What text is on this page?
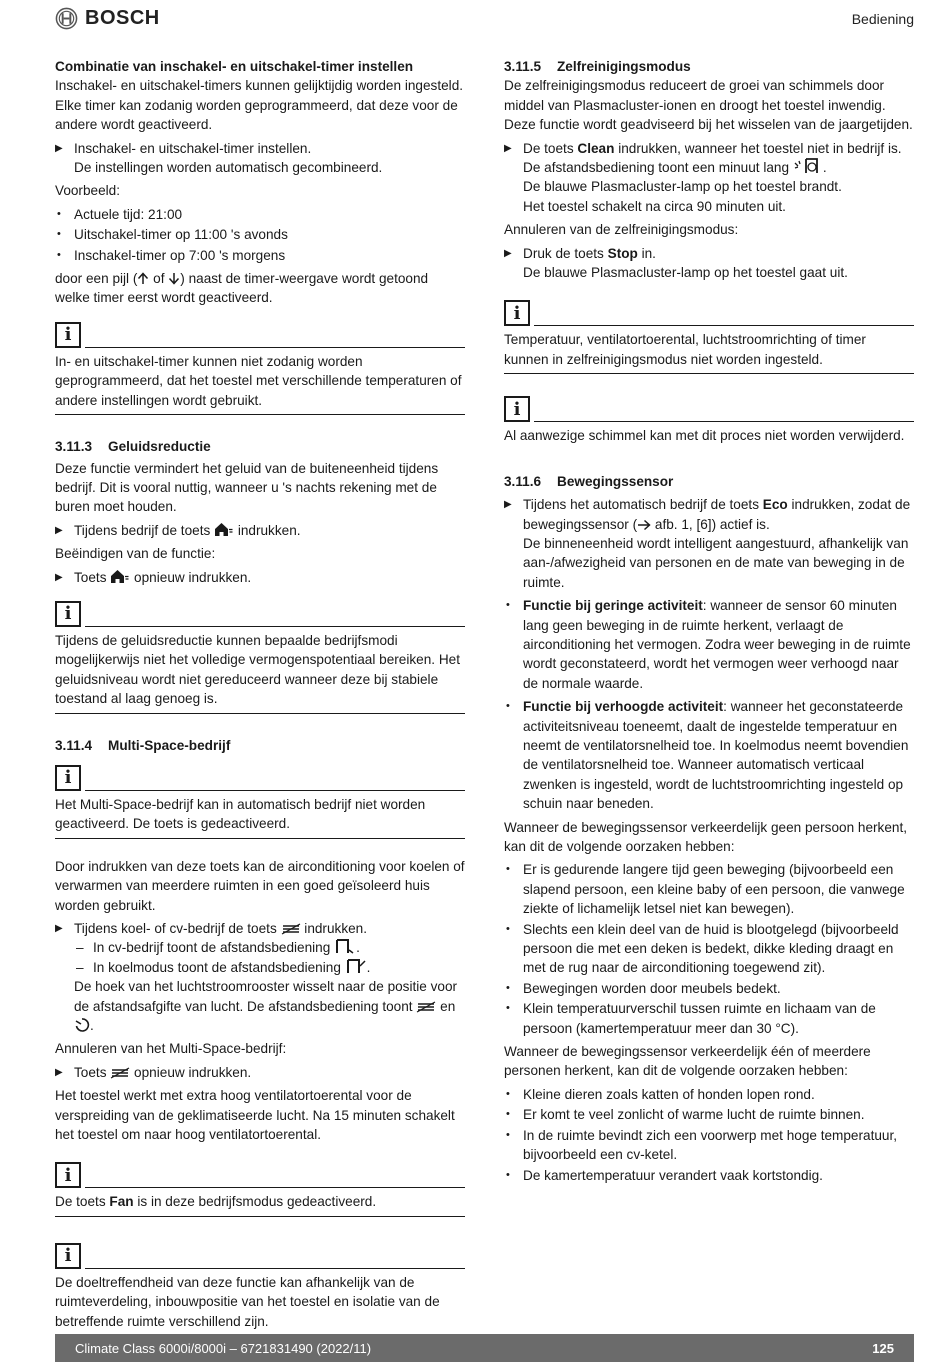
BOSCH	Bediening

Combinatie van inschakel- en uitschakel-timer instellen

Inschakel- en uitschakel-timers kunnen gelijktijdig worden ingesteld. Elke timer kan zodanig worden geprogrammeerd, dat deze voor de andere wordt geactiveerd.

▶ Inschakel- en uitschakel-timer instellen.
De instellingen worden automatisch gecombineerd.

Voorbeeld:

• Actuele tijd: 21:00
• Uitschakel-timer op 11:00 's avonds
• Inschakel-timer op 7:00 's morgens

door een pijl ( of ) naast de timer-weergave wordt getoond welke timer eerst wordt geactiveerd.

i
In- en uitschakel-timer kunnen niet zodanig worden geprogrammeerd, dat het toestel met verschillende temperaturen of andere instellingen wordt gebruikt.

3.11.3 Geluidsreductie

Deze functie vermindert het geluid van de buiteneenheid tijdens bedrijf. Dit is vooral nuttig, wanneer u 's nachts rekening met de buren moet houden.

▶ Tijdens bedrijf de toets  indrukken.

Beëindigen van de functie:

▶ Toets  opnieuw indrukken.
i
Tijdens de geluidsreductie kunnen bepaalde bedrijfsmodi mogelijkerwijs niet het volledige vermogenspotentiaal bereiken. Het geluidsniveau wordt niet gereduceerd wanneer deze bij stabiele toestand al laag genoeg is.

3.11.4 Multi-Space-bedrijf

i
Het Multi-Space-bedrijf kan in automatisch bedrijf niet worden geactiveerd. De toets is gedeactiveerd.

Door indrukken van deze toets kan de airconditioning voor koelen of verwarmen van meerdere ruimten in een goed geïsoleerd huis worden gebruikt.

▶ Tijdens koel- of cv-bedrijf de toets  indrukken.
– In cv-bedrijf toont de afstandsbediening .
– In koelmodus toont de afstandsbediening .
De hoek van het luchtstroomrooster wisselt naar de positie voor de afstandsafgifte van lucht. De afstandsbediening toont  en .

Annuleren van het Multi-Space-bedrijf:

▶ Toets  opnieuw indrukken.

Het toestel werkt met extra hoog ventilatortoerental voor de verspreiding van de geklimatiseerde lucht. Na 15 minuten schakelt het toestel om naar hoog ventilatortoerental.

i
De toets Fan is in deze bedrijfsmodus gedeactiveerd.
i
De doeltreffendheid van deze functie kan afhankelijk van de ruimteverdeling, inbouwpositie van het toestel en isolatie van de betreffende ruimte verschillend zijn.

3.11.5 Zelfreinigingsmodus

De zelfreinigingsmodus reduceert de groei van schimmels door middel van Plasmacluster-ionen en droogt het toestel inwendig. Deze functie wordt geadviseerd bij het wisselen van de jaargetijden.

▶ De toets Clean indrukken, wanneer het toestel niet in bedrijf is.
De afstandsbediening toont een minuut lang .
De blauwe Plasmacluster-lamp op het toestel brandt.
Het toestel schakelt na circa 90 minuten uit.

Annuleren van de zelfreinigingsmodus:

▶ Druk de toets Stop in.
De blauwe Plasmacluster-lamp op het toestel gaat uit.
i
Temperatuur, ventilatortoerental, luchtstroomrichting of timer kunnen in zelfreinigingsmodus niet worden ingesteld.
i
Al aanwezige schimmel kan met dit proces niet worden verwijderd.

3.11.6 Bewegingssensor

▶ Tijdens het automatisch bedrijf de toets Eco indrukken, zodat de bewegingssensor ( afb. 1, [6]) actief is.
De binneneenheid wordt intelligent aangestuurd, afhankelijk van aan-/afwezigheid van personen en de mate van beweging in de ruimte.
• Functie bij geringe activiteit: wanneer de sensor 60 minuten lang geen beweging in de ruimte herkent, verlaagt de airconditioning het vermogen. Zodra weer beweging in de ruimte wordt geconstateerd, wordt het vermogen weer verhoogd naar de normale waarde.
• Functie bij verhoogde activiteit: wanneer het geconstateerde activiteitsniveau toeneemt, daalt de ingestelde temperatuur en neemt de ventilatorsnelheid toe. In koelmodus neemt bovendien de ventilatorsnelheid toe. Wanneer automatisch verticaal zwenken is ingesteld, wordt de luchtstroomrichting ingesteld op schuin naar beneden.

Wanneer de bewegingssensor verkeerdelijk geen persoon herkent, kan dit de volgende oorzaken hebben:

• Er is gedurende langere tijd geen beweging (bijvoorbeeld een slapend persoon, een kleine baby of een persoon, die vanwege ziekte of lichamelijk letsel niet kan bewegen).
• Slechts een klein deel van de huid is blootgelegd (bijvoorbeeld persoon die met een deken is bedekt, dikke kleding draagt en met de rug naar de airconditioning toegewend zit).
• Bewegingen worden door meubels bedekt.
• Klein temperatuurverschil tussen ruimte en lichaam van de persoon (kamertemperatuur meer dan 30 °C).

Wanneer de bewegingssensor verkeerdelijk één of meerdere personen herkent, kan dit de volgende oorzaken hebben:

• Kleine dieren zoals katten of honden lopen rond.
• Er komt te veel zonlicht of warme lucht de ruimte binnen.
• In de ruimte bevindt zich een voorwerp met hoge temperatuur, bijvoorbeeld een cv-ketel.
• De kamertemperatuur verandert vaak kortstondig.
Climate Class 6000i/8000i – 6721831490 (2022/11)	125
